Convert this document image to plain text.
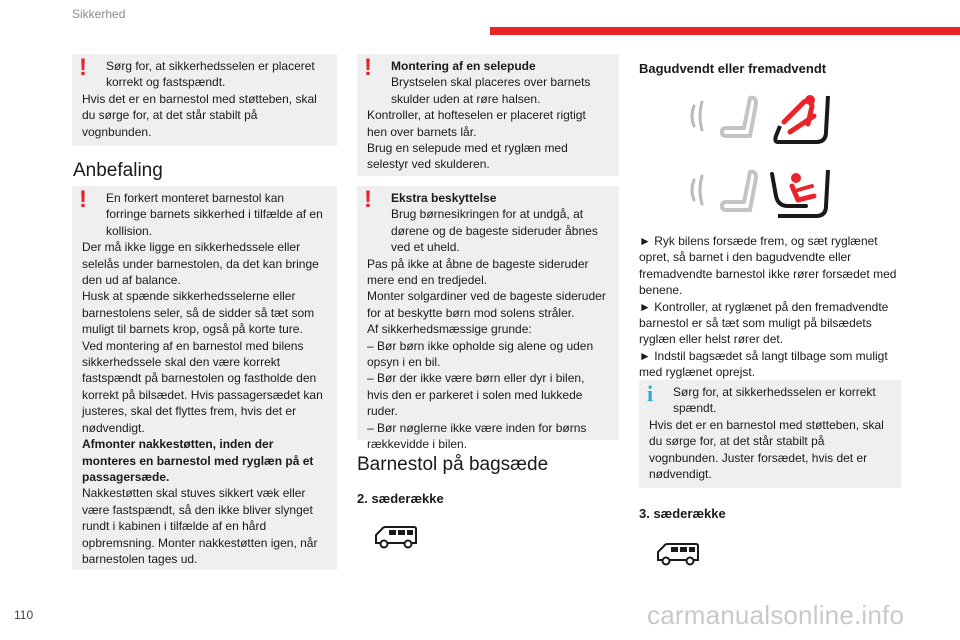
Sikkerhed
!	Sørg for, at sikkerhedsselen er placeret korrekt og fastspændt.

Hvis det er en barnestol med støtteben, skal du sørge for, at det står stabilt på vognbunden.

Anbefaling
!	En forkert monteret barnestol kan forringe barnets sikkerhed i tilfælde af en kollision.

Der må ikke ligge en sikkerhedssele eller selelås under barnestolen, da det kan bringe den ud af balance.

Husk at spænde sikkerhedsselerne eller barnestolens seler, så de sidder så tæt som muligt til barnets krop, også på korte ture.

Ved montering af en barnestol med bilens sikkerhedssele skal den være korrekt fastspændt på barnestolen og fastholde den korrekt på bilsædet. Hvis passagersædet kan justeres, skal det flyttes frem, hvis det er nødvendigt.

Afmonter nakkestøtten, inden der monteres en barnestol med ryglæn på et passagersæde.

Nakkestøtten skal stuves sikkert væk eller være fastspændt, så den ikke bliver slynget rundt i kabinen i tilfælde af en hård opbremsning. Monter nakkestøtten igen, når barnestolen tages ud.

!	Montering af en selepude

Brystselen skal placeres over barnets skulder uden at røre halsen.

Kontroller, at hofteselen er placeret rigtigt hen over barnets lår.

Brug en selepude med et ryglæn med selestyr ved skulderen.

!	Ekstra beskyttelse

Brug børnesikringen for at undgå, at dørene og de bageste sideruder åbnes ved et uheld.

Pas på ikke at åbne de bageste sideruder mere end en tredjedel.

Monter solgardiner ved de bageste sideruder for at beskytte børn mod solens stråler.

Af sikkerhedsmæssige grunde:

– Bør børn ikke opholde sig alene og uden opsyn i en bil.

– Bør der ikke være børn eller dyr i bilen, hvis den er parkeret i solen med lukkede ruder.

– Bør nøglerne ikke være inden for børns rækkevidde i bilen.

Barnestol på bagsæde
2. sæderække
Bagudvendt eller fremadvendt

► Ryk bilens forsæde frem, og sæt ryglænet opret, så barnet i den bagudvendte eller fremadvendte barnestol ikke rører forsædet med benene.

► Kontroller, at ryglænet på den fremadvendte barnestol er så tæt som muligt på bilsædets ryglæn eller helst rører det.

► Indstil bagsædet så langt tilbage som muligt med ryglænet oprejst.

i	Sørg for, at sikkerhedsselen er korrekt spændt.

Hvis det er en barnestol med støtteben, skal du sørge for, at det står stabilt på vognbunden. Juster forsædet, hvis det er nødvendigt.

3. sæderække
110	carmanualsonline.info
